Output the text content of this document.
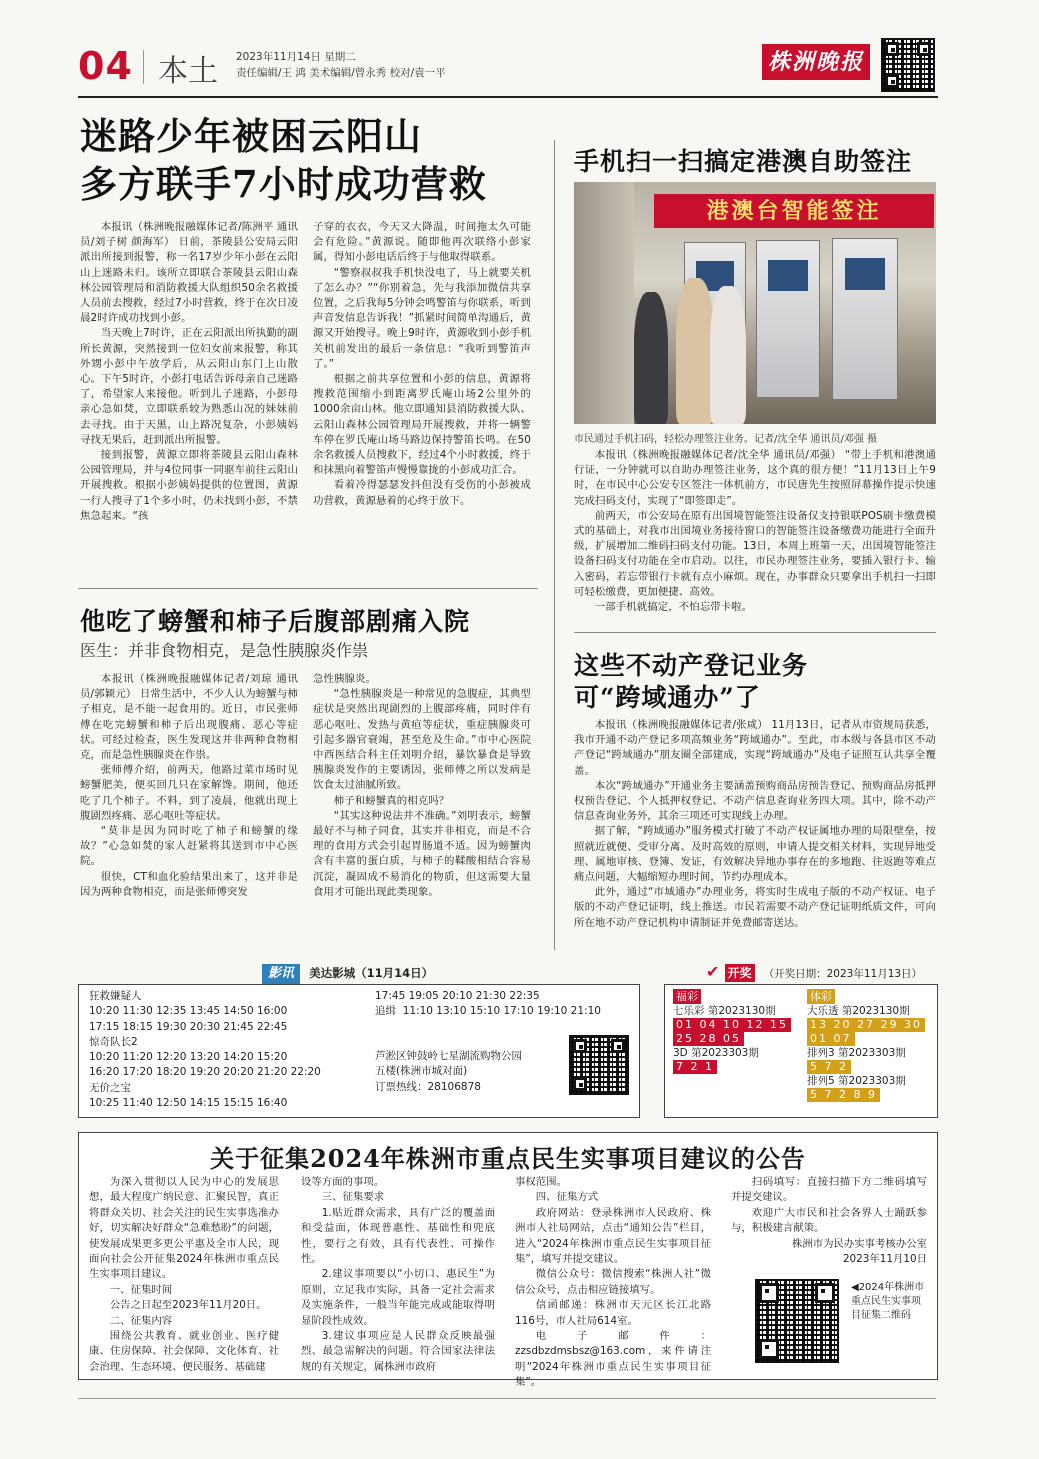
04 本土 2023年11月14日 星期二
责任编辑/王 鸿 美术编辑/曾永秀 校对/袁一平	株洲晚报
迷路少年被困云阳山
多方联手7小时成功营救

本报讯（株洲晚报融媒体记者/陈洲平 通讯员/刘子树 颜海军） 日前，茶陵县公安局云阳派出所接到报警，称一名17岁少年小彭在云阳山上迷路未归。该所立即联合茶陵县云阳山森林公园管理局和消防救援大队组织50余名救援人员前去搜救，经过7小时营救，终于在次日凌晨2时许成功找到小彭。

当天晚上7时许，正在云阳派出所执勤的副所长黄源，突然接到一位妇女前来报警，称其外甥小彭中午放学后，从云阳山东门上山散心。下午5时许，小彭打电话告诉母亲自己迷路了，希望家人来接他。听到儿子迷路，小彭母亲心急如焚，立即联系较为熟悉山况的妹妹前去寻找。由于天黑，山上路况复杂，小彭姨妈寻找无果后，赶到派出所报警。

接到报警，黄源立即将茶陵县云阳山森林公园管理局，并与4位同事一同驱车前往云阳山开展搜救。根据小彭姨妈提供的位置图，黄源一行人搜寻了1个多小时，仍未找到小彭，不禁焦急起来。“孩

子穿的衣衣，今天又大降温，时间拖太久可能会有危险。”黄源说。随即他再次联络小彭家属，得知小彭电话后终于与他取得联系。

“警察叔叔我手机快没电了，马上就要关机了怎么办？”“你别着急，先与我添加微信共享位置，之后我每5分钟会鸣警笛与你联系，听到声音发信息告诉我！”抓紧时间简单沟通后，黄源又开始搜寻。晚上9时许，黄源收到小彭手机关机前发出的最后一条信息：“我听到警笛声了。”

根据之前共享位置和小彭的信息，黄源将搜救范围缩小到距离罗氏庵山场2公里外的1000余亩山林。他立即通知县消防救援大队、云阳山森林公园管理局开展搜救，并将一辆警车停在罗氏庵山场马路边保持警笛长鸣。在50余名救援人员搜救下，经过4个小时救援，终于和抹黑向着警笛声慢慢靠拢的小彭成功汇合。

看着冷得瑟瑟发抖但没有受伤的小彭被成功营救，黄源悬着的心终于放下。

他吃了螃蟹和柿子后腹部剧痛入院
医生：并非食物相克，是急性胰腺炎作祟

本报讯（株洲晚报融媒体记者/刘琼 通讯员/郭颖元） 日常生活中，不少人认为螃蟹与柿子相克，是不能一起食用的。近日，市民张师傅在吃完螃蟹和柿子后出现腹痛、恶心等症状。可经过检查，医生发现这并非两种食物相克，而是急性胰腺炎在作祟。

张师傅介绍，前两天，他路过菜市场时见螃蟹肥美，便买回几只在家解馋。期间，他还吃了几个柿子。不料，到了凌晨，他就出现上腹剧烈疼痛、恶心呕吐等症状。

“莫非是因为同时吃了柿子和螃蟹的缘故？”心急如焚的家人赶紧将其送到市中心医院。

很快，CT和血化验结果出来了，这并非是因为两种食物相克，而是张师傅突发

急性胰腺炎。

“急性胰腺炎是一种常见的急腹症，其典型症状是突然出现剧烈的上腹部疼痛，同时伴有恶心呕吐、发热与黄疸等症状，重症胰腺炎可引起多器官衰竭，甚至危及生命。”市中心医院中西医结合科主任刘明介绍，暴饮暴食是导致胰腺炎发作的主要诱因，张师傅之所以发病是饮食太过油腻所致。

柿子和螃蟹真的相克吗？

“其实这种说法并不准确。”刘明表示，螃蟹最好不与柿子同食，其实并非相克，而是不合理的食用方式会引起胃肠道不适。因为螃蟹肉含有丰富的蛋白质，与柿子的鞣酸相结合容易沉淀，凝固成不易消化的物质，但这需要大量食用才可能出现此类现象。

手机扫一扫搞定港澳自助签注
港澳台智能签注
市民通过手机扫码，轻松办理签注业务。记者/沈全华 通讯员/邓强 摄

本报讯（株洲晚报融媒体记者/沈全华 通讯员/邓强） “带上手机和港澳通行证，一分钟就可以自助办理签注业务，这个真的很方便！”11月13日上午9时，在市民中心公安专区签注一体机前方，市民唐先生按照屏幕操作提示快速完成扫码支付，实现了“即签即走”。

前两天，市公安局在原有出国境智能签注设备仅支持银联POS刷卡缴费模式的基础上，对我市出国境业务接待窗口的智能签注设备缴费功能进行全面升级，扩展增加二维码扫码支付功能。13日，本周上班第一天，出国境智能签注设备扫码支付功能在全市启动。以往，市民办理签注业务，要插入银行卡、输入密码，若忘带银行卡就有点小麻烦。现在，办事群众只要拿出手机扫一扫即可轻松缴费，更加便捷、高效。

一部手机就搞定，不怕忘带卡啦。

这些不动产登记业务
可“跨域通办”了

本报讯（株洲晚报融媒体记者/张咸） 11月13日，记者从市资规局获悉，我市开通不动产登记多项高频业务“跨域通办”。至此，市本级与各县市区不动产登记“跨域通办”朋友圈全部建成，实现“跨域通办”及电子证照互认共享全覆盖。

本次“跨域通办”开通业务主要涵盖预购商品房预告登记、预购商品房抵押权预告登记、个人抵押权登记、不动产信息查询业务四大项。其中，除不动产信息查询业务外，其余三项还可实现线上办理。

据了解，“跨域通办”服务模式打破了不动产权证属地办理的局限壁垒，按照就近就便、受审分离、及时高效的原则，申请人提交相关材料，实现异地受理、属地审核、登簿、发证，有效解决异地办事存在的多地跑、往返跑等难点痛点问题，大幅缩短办理时间，节约办理成本。

此外，通过“市域通办”办理业务，将实时生成电子版的不动产权证、电子版的不动产登记证明，线上推送。市民若需要不动产登记证明纸质文件，可向所在地不动产登记机构申请制证并免费邮寄送达。

影讯 美达影城（11月14日）
狂救嫌疑人
10:20 11:30 12:35 13:45 14:50 16:00
17:15 18:15 19:30 20:30 21:45 22:45
惊奇队长2
10:20 11:20 12:20 13:20 14:20 15:20
16:20 17:20 18:20 19:20 20:20 21:20 22:20
无价之宝
10:25 11:40 12:50 14:15 15:15 16:40
17:45 19:05 20:10 21:30 22:35
追缉 11:10 13:10 15:10 17:10 19:10 21:10
芦淞区钟鼓岭七星湖流购物公园
五楼(株洲市城对面)
订票热线：28106878
✔ 开奖 （开奖日期：2023年11月13日）
福彩
七乐彩 第2023130期
01 04 10 12 15
25 28 05
3D 第2023303期
7 2 1
体彩
大乐透 第2023130期
13 20 27 29 30
01 07
排列3 第2023303期
5 7 2
排列5 第2023303期
5 7 2 8 9
关于征集2024年株洲市重点民生实事项目建议的公告

为深入贯彻以人民为中心的发展思想，最大程度广纳民意、汇聚民智，真正将群众关切、社会关注的民生实事选准办好，切实解决好群众“急难愁盼”的问题，使发展成果更多更公平惠及全市人民，现面向社会公开征集2024年株洲市重点民生实事项目建议。

一、征集时间

公告之日起至2023年11月20日。

二、征集内容

围绕公共教育、就业创业、医疗健康、住房保障、社会保障、文化体育、社会治理、生态环境、便民服务、基础建

设等方面的事项。

三、征集要求

1.贴近群众需求，具有广泛的覆盖面和受益面，体现普惠性、基础性和兜底性，要行之有效，具有代表性、可操作性。

2.建议事项要以“小切口、惠民生”为原则，立足我市实际，具备一定社会需求及实施条件，一般当年能完成或能取得明显阶段性成效。

3.建议事项应是人民群众反映最强烈、最急需解决的问题。符合国家法律法规的有关规定，属株洲市政府

事权范围。

四、征集方式

政府网站：登录株洲市人民政府、株洲市人社局网站，点击“通知公告”栏目，进入“2024年株洲市重点民生实事项目征集”，填写并提交建议。

微信公众号：微信搜索“株洲人社”微信公众号，点击相应链接填写。

信函邮递：株洲市天元区长江北路116号，市人社局614室。

电子邮件：zzsdbzdmsbsz@163.com，来件请注明“2024年株洲市重点民生实事项目征集”。

扫码填写：直接扫描下方二维码填写并提交建议。

欢迎广大市民和社会各界人士踊跃参与，积极建言献策。

株洲市为民办实事考核办公室

2023年11月10日

◀2024年株洲市重点民生实事项目征集二维码
